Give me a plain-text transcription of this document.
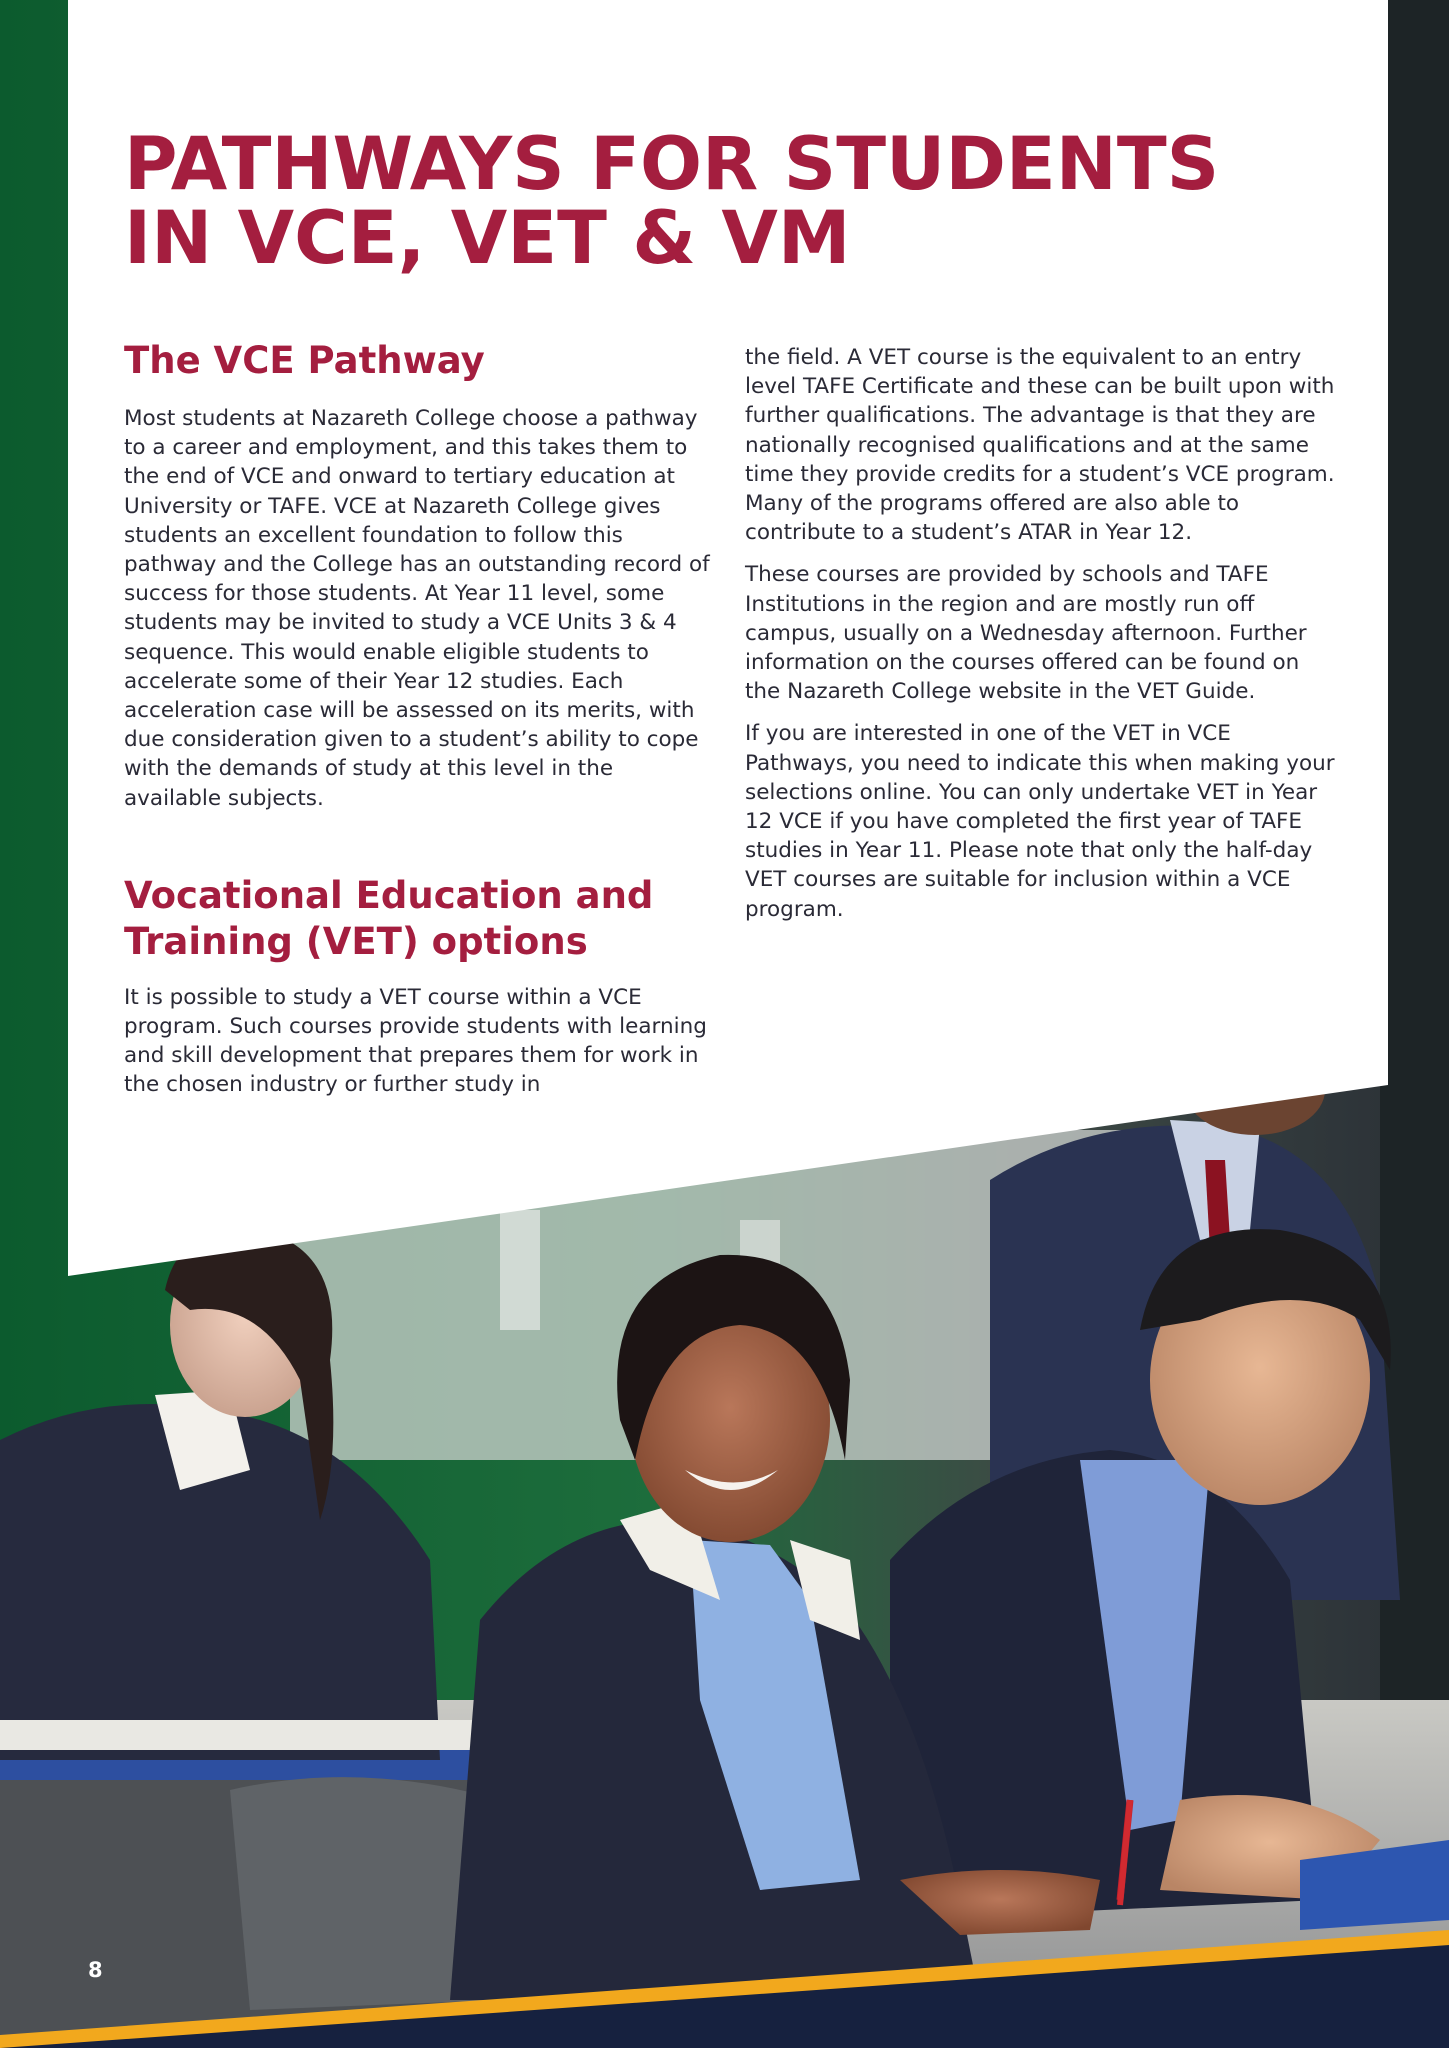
PATHWAYS FOR STUDENTS
IN VCE, VET & VM
The VCE Pathway

Most students at Nazareth College choose a pathway to a career and employment, and this takes them to the end of VCE and onward to tertiary education at University or TAFE. VCE at Nazareth College gives students an excellent foundation to follow this pathway and the College has an outstanding record of success for those students. At Year 11 level, some students may be invited to study a VCE Units 3 & 4 sequence. This would enable eligible students to accelerate some of their Year 12 studies. Each acceleration case will be assessed on its merits, with due consideration given to a student’s ability to cope with the demands of study at this level in the available subjects.

Vocational Education and
Training (VET) options

It is possible to study a VET course within a VCE program. Such courses provide students with learning and skill development that prepares them for work in the chosen industry or further study in

the field. A VET course is the equivalent to an entry level TAFE Certificate and these can be built upon with further qualifications. The advantage is that they are nationally recognised qualifications and at the same time they provide credits for a student’s VCE program. Many of the programs offered are also able to contribute to a student’s ATAR in Year 12.

These courses are provided by schools and TAFE Institutions in the region and are mostly run off campus, usually on a Wednesday afternoon. Further information on the courses offered can be found on the Nazareth College website in the VET Guide.

If you are interested in one of the VET in VCE Pathways, you need to indicate this when making your selections online. You can only undertake VET in Year 12 VCE if you have completed the first year of TAFE studies in Year 11. Please note that only the half-day VET courses are suitable for inclusion within a VCE program.

8
